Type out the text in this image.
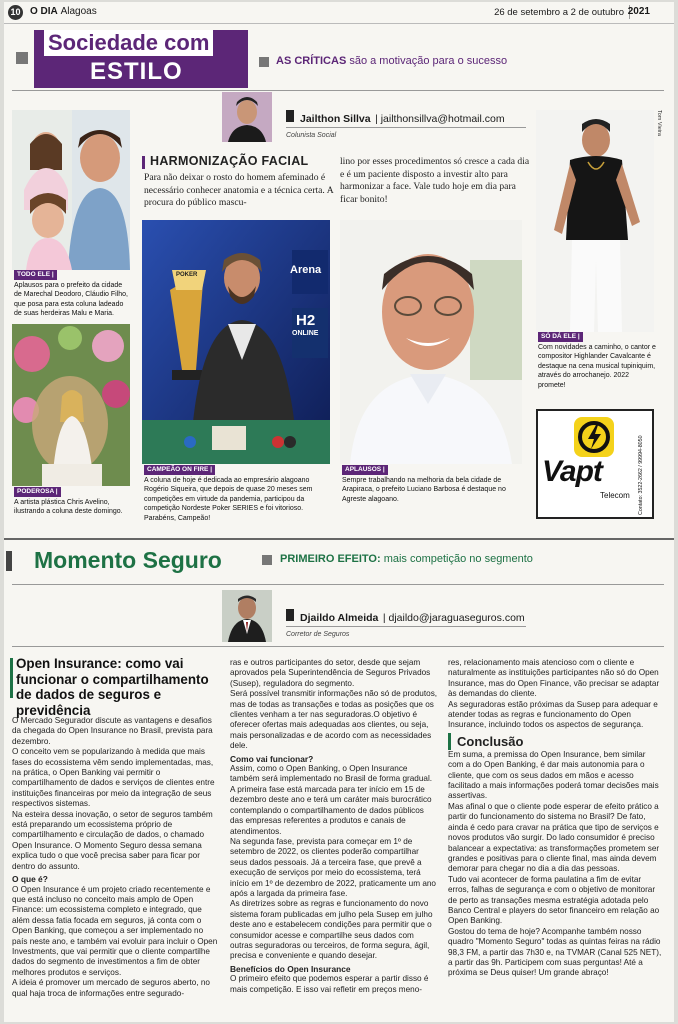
10 O DIA Alagoas	26 de setembro a 2 de outubro 2021
Sociedade com
ESTILO	AS CRÍTICAS são a motivação para o sucesso
Jailthon Sillva | jailthonsillva@hotmail.com
Colunista Social
TODO ELE |
Aplausos para o prefeito da cidade de Marechal Deodoro, Cláudio Filho, que posa para esta coluna ladeado de suas herdeiras Malu e Maria.
PODEROSA |
A artista plástica Chris Avelino, ilustrando a coluna deste domingo.
HARMONIZAÇÃO FACIAL
Para não deixar o rosto do homem afeminado é necessário conhecer anatomia e a técnica certa. A procura do público mascu-
lino por esses procedimentos só cresce a cada dia e é um paciente disposto a investir alto para harmonizar a face. Vale tudo hoje em dia para ficar bonito!
Arena
H2
ONLINE
POKER
CAMPEÃO ON FIRE |
A coluna de hoje é dedicada ao empresário alagoano Rogério Siqueira, que depois de quase 20 meses sem competições em virtude da pandemia, participou da competição Nordeste Poker SERIES e foi vitorioso. Parabéns, Campeão!
APLAUSOS |
Sempre trabalhando na melhoria da bela cidade de Arapiraca, o prefeito Luciano Barbosa é destaque no Agreste alagoano.
Tom Vieira
SÓ DÁ ELE |
Com novidades a caminho, o cantor e compositor Highlander Cavalcante é destaque na cena musical tupiniquim, através do arrochanejo. 2022 promete!
Vapt
Telecom Contato: 3522-2662 / 99994-8050
Momento Seguro	PRIMEIRO EFEITO: mais competição no segmento
Djaildo Almeida | djaildo@jaraguaseguros.com
Corretor de Seguros
Open Insurance: como vai funcionar o compartilhamento de dados de seguros e previdência

O Mercado Segurador discute as vantagens e desafios da chegada do Open Insurance no Brasil, prevista para dezembro.

O conceito vem se popularizando à medida que mais fases do ecossistema vêm sendo implementadas, mas, na prática, o Open Banking vai permitir o compartilhamento de dados e serviços de clientes entre instituições financeiras por meio da integração de seus respectivos sistemas.

Na esteira dessa inovação, o setor de seguros também está preparando um ecossistema próprio de compartilhamento e circulação de dados, o chamado Open Insurance. O Momento Seguro dessa semana explica tudo o que você precisa saber para ficar por dentro do assunto.

O que é?

O Open Insurance é um projeto criado recentemente e que está incluso no conceito mais amplo de Open Finance: um ecossistema completo e integrado, que além dessa fatia focada em seguros, já conta com o Open Banking, que começou a ser implementado no país neste ano, e também vai evoluir para incluir o Open Investments, que vai permitir que o cliente compartilhe dados do segmento de investimentos a fim de obter melhores produtos e serviços.

A ideia é promover um mercado de seguros aberto, no qual haja troca de informações entre segurado-

ras e outros participantes do setor, desde que sejam aprovados pela Superintendência de Seguros Privados (Susep), reguladora do segmento.

Será possível transmitir informações não só de produtos, mas de todas as transações e todas as posições que os clientes venham a ter nas seguradoras.O objetivo é oferecer ofertas mais adequadas aos clientes, ou seja, mais personalizadas e de acordo com as necessidades dele.

Como vai funcionar?

Assim, como o Open Banking, o Open Insurance também será implementado no Brasil de forma gradual. A primeira fase está marcada para ter início em 15 de dezembro deste ano e terá um caráter mais burocrático contemplando o compartilhamento de dados públicos das empresas referentes a produtos e canais de atendimentos.

Na segunda fase, prevista para começar em 1º de setembro de 2022, os clientes poderão compartilhar seus dados pessoais. Já a terceira fase, que prevê a execução de serviços por meio do ecossistema, terá início em 1º de dezembro de 2022, praticamente um ano após a largada da primeira fase.

As diretrizes sobre as regras e funcionamento do novo sistema foram publicadas em julho pela Susep em julho deste ano e estabelecem condições para permitir que o consumidor acesse e compartilhe seus dados com outras seguradoras ou terceiros, de forma segura, ágil, precisa e conveniente e quando desejar.

Benefícios do Open Insurance

O primeiro efeito que podemos esperar a partir disso é mais competição. E isso vai refletir em preços meno-

res, relacionamento mais atencioso com o cliente e naturalmente as instituições participantes não só do Open Insurance, mas do Open Finance, vão precisar se adaptar às demandas do cliente.

As seguradoras estão próximas da Susep para adequar e atender todas as regras e funcionamento do Open Insurance, incluindo todos os aspectos de segurança.

Conclusão

Em suma, a premissa do Open Insurance, bem similar com a do Open Banking, é dar mais autonomia para o cliente, que com os seus dados em mãos e acesso facilitado a mais informações poderá tomar decisões mais assertivas.

Mas afinal o que o cliente pode esperar de efeito prático a partir do funcionamento do sistema no Brasil? De fato, ainda é cedo para cravar na prática que tipo de serviços e novos produtos vão surgir. Do lado consumidor é preciso balancear a expectativa: as transformações prometem ser grandes e positivas para o cliente final, mas ainda devem demorar para chegar no dia a dia das pessoas.

Tudo vai acontecer de forma paulatina a fim de evitar erros, falhas de segurança e com o objetivo de monitorar de perto as transações mesma estratégia adotada pelo Banco Central e players do setor financeiro em relação ao Open Banking.

Gostou do tema de hoje? Acompanhe também nosso quadro "Momento Seguro" todas as quintas feiras na rádio 98,3 FM, a partir das 7h30 e, na TVMAR (Canal 525 NET), a partir das 9h. Participem com suas perguntas! Até a próxima se Deus quiser! Um grande abraço!
